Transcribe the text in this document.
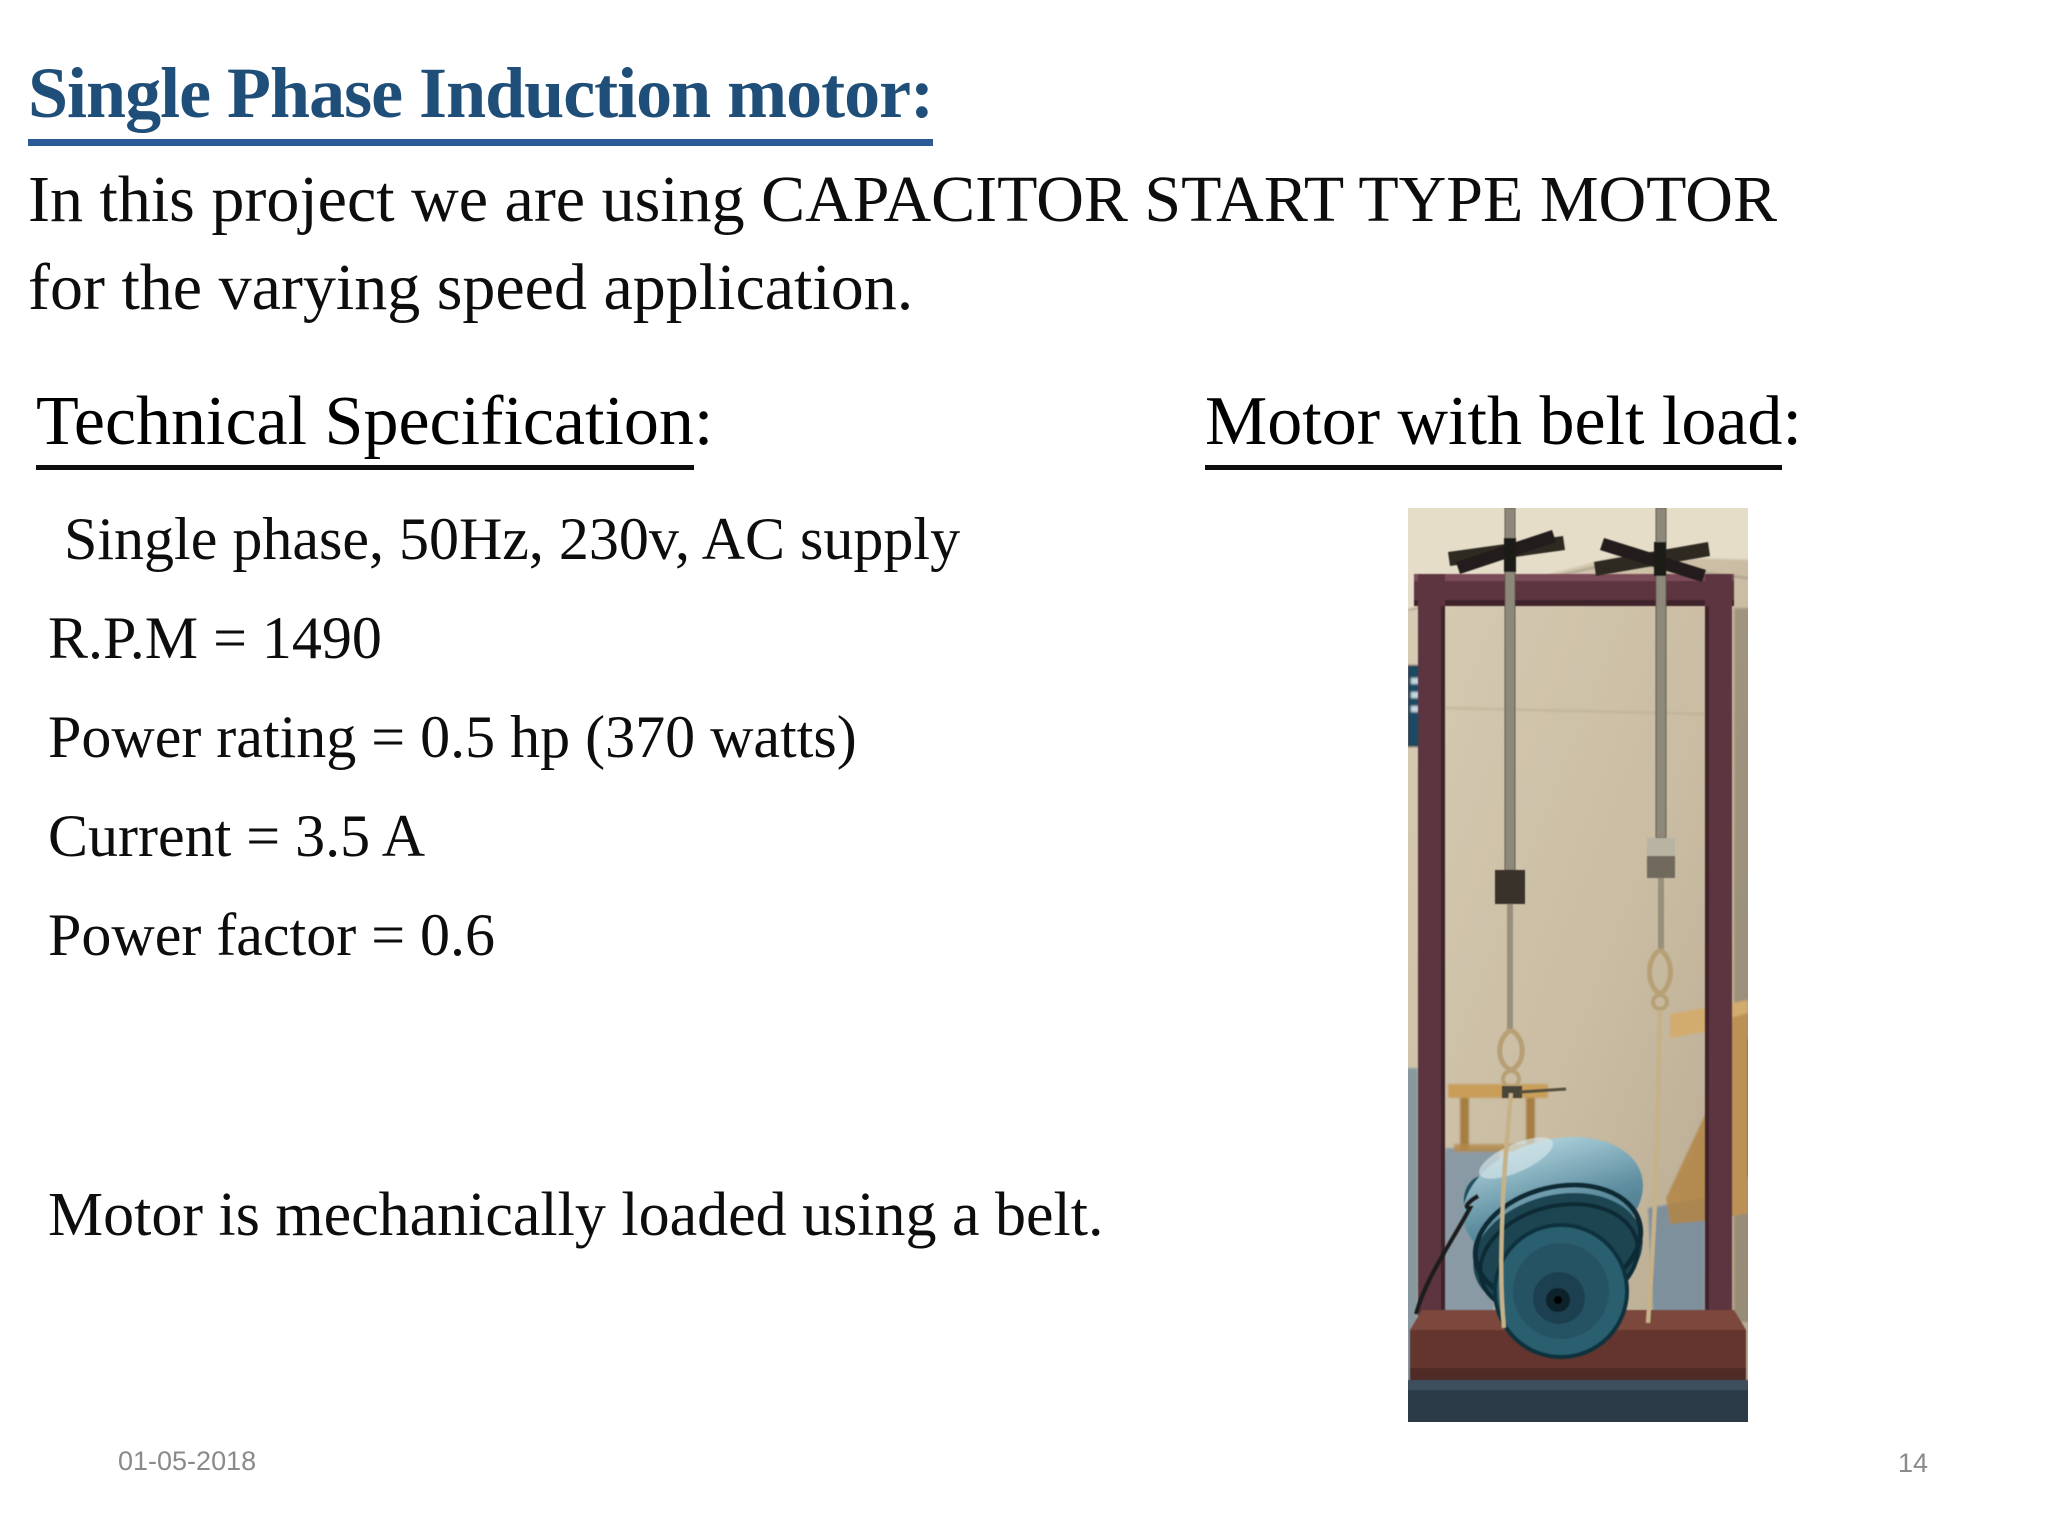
Single Phase Induction motor:
In this project we are using CAPACITOR START TYPE MOTOR
for the varying speed application.
Technical Specification:	Motor with belt load:
Single phase, 50Hz, 230v, AC supply
R.P.M = 1490
Power rating = 0.5 hp (370 watts)
Current = 3.5 A
Power factor = 0.6
Motor is mechanically loaded using a belt.
01-05-2018	14
